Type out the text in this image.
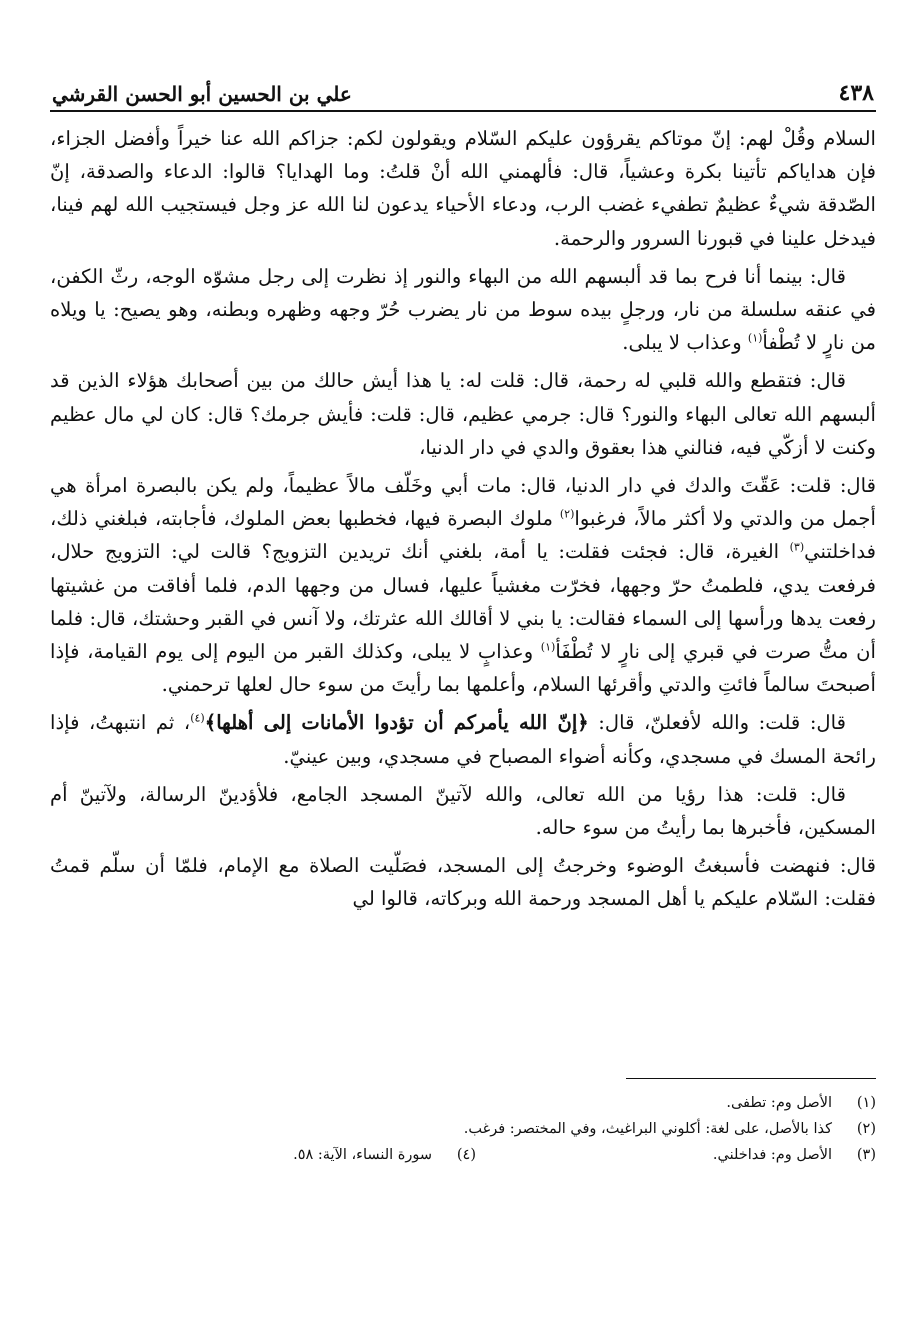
٤٣٨
علي بن الحسين أبو الحسن القرشي

السلام وقُلْ لهم: إنّ موتاكم يقرؤون عليكم السّلام ويقولون لكم: جزاكم الله عنا خيراً وأفضل الجزاء، فإن هداياكم تأتينا بكرة وعشياً، قال: فألهمني الله أنْ قلتُ: وما الهدايا؟ قالوا: الدعاء والصدقة، إنّ الصّدقة شيءٌ عظيمٌ تطفيء غضب الرب، ودعاء الأحياء يدعون لنا الله عز وجل فيستجيب الله لهم فينا، فيدخل علينا في قبورنا السرور والرحمة.

قال: بينما أنا فرح بما قد ألبسهم الله من البهاء والنور إذ نظرت إلى رجل مشوّه الوجه، رثّ الكفن، في عنقه سلسلة من نار، ورجلٍ بيده سوط من نار يضرب حُرّ وجهه وظهره وبطنه، وهو يصيح: يا ويلاه من نارٍ لا تُطْفأ$^{(١)}$ وعذاب لا يبلى.

قال: فتقطع والله قلبي له رحمة، قال: قلت له: يا هذا أيش حالك من بين أصحابك هؤلاء الذين قد ألبسهم الله تعالى البهاء والنور؟ قال: جرمي عظيم، قال: قلت: فأيش جرمك؟ قال: كان لي مال عظيم وكنت لا أزكّي فيه، فنالني هذا بعقوق والدي في دار الدنيا،

قال: قلت: عَقّتَ والدك في دار الدنيا، قال: مات أبي وخَلّف مالاً عظيماً، ولم يكن بالبصرة امرأة هي أجمل من والدتي ولا أكثر مالاً، فرغبوا$^{(٢)}$ ملوك البصرة فيها، فخطبها بعض الملوك، فأجابته، فبلغني ذلك، فداخلتني$^{(٣)}$ الغيرة، قال: فجئت فقلت: يا أمة، بلغني أنك تريدين التزويج؟ قالت لي: التزويج حلال، فرفعت يدي، فلطمتُ حرّ وجهها، فخرّت مغشياً عليها، فسال من وجهها الدم، فلما أفاقت من غشيتها رفعت يدها ورأسها إلى السماء فقالت: يا بني لا أقالك الله عثرتك، ولا آنس في القبر وحشتك، قال: فلما أن متُّ صرت في قبري إلى نارٍ لا تُطْفَأ$^{(١)}$ وعذابٍ لا يبلى، وكذلك القبر من اليوم إلى يوم القيامة، فإذا أصبحتَ سالماً فائتِ والدتي وأقرئها السلام، وأعلمها بما رأيتَ من سوء حال لعلها ترحمني.

قال: قلت: والله لأفعلنّ، قال: ﴿إنّ الله يأمركم أن تؤدوا الأمانات إلى أهلها﴾$^{(٤)}$، ثم انتبهتُ، فإذا رائحة المسك في مسجدي، وكأنه أضواء المصباح في مسجدي، وبين عينيّ.

قال: قلت: هذا رؤيا من الله تعالى، والله لآتينّ المسجد الجامع، فلأؤدينّ الرسالة، ولآتينّ أم المسكين، فأخبرها بما رأيتُ من سوء حاله.

قال: فنهضت فأسبغتُ الوضوء وخرجتُ إلى المسجد، فصَلّيت الصلاة مع الإمام، فلمّا أن سلّم قمتُ فقلت: السّلام عليكم يا أهل المسجد ورحمة الله وبركاته، قالوا لي

(١)الأصل وم: تطفى.
(٢)كذا بالأصل، على لغة: أكلوني البراغيث، وفي المختصر: فرغب.
(٣)الأصل وم: فداخلني.
(٤)سورة النساء، الآية: ٥٨.
